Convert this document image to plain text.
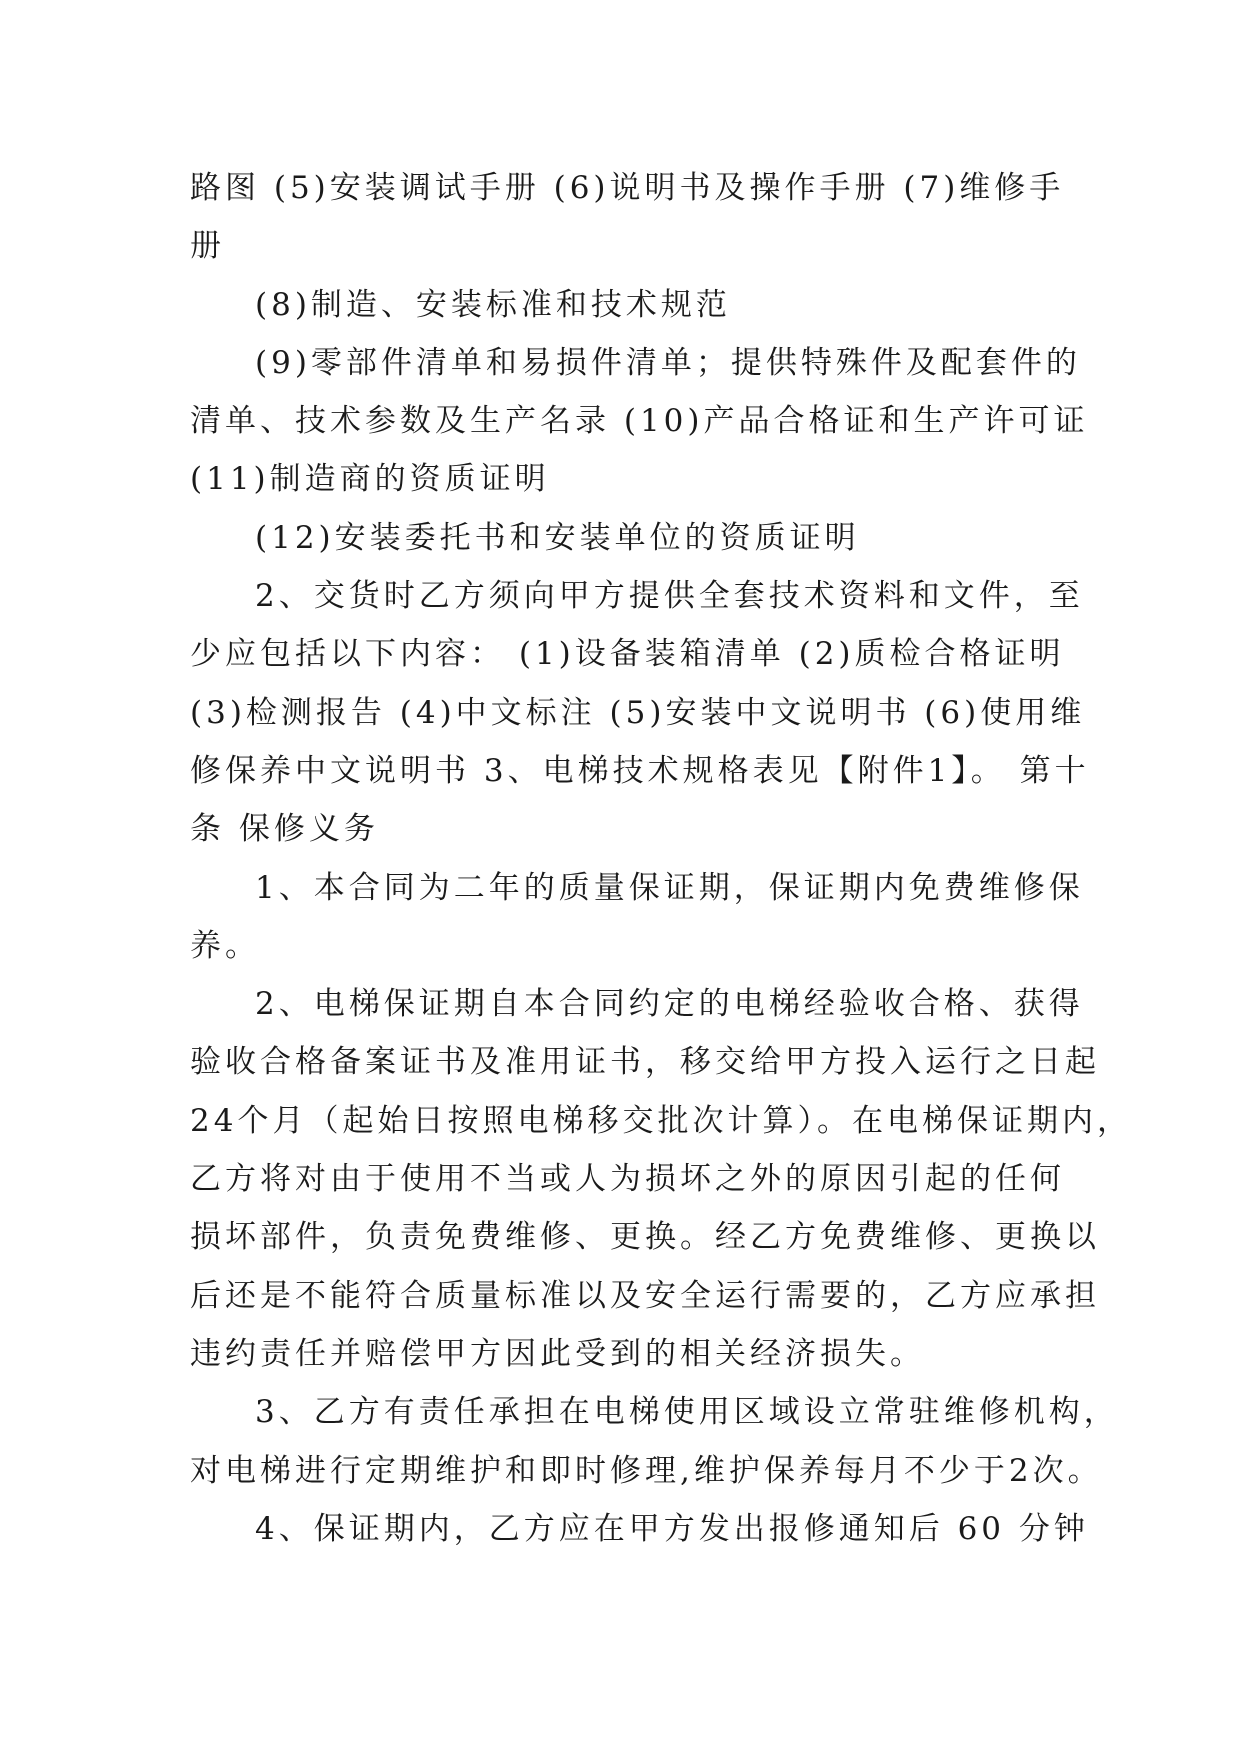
路图 (5)安装调试手册 (6)说明书及操作手册 (7)维修手
册
(8)制造、安装标准和技术规范
(9)零部件清单和易损件清单；提供特殊件及配套件的
清单、技术参数及生产名录 (10)产品合格证和生产许可证
(11)制造商的资质证明
(12)安装委托书和安装单位的资质证明
2、交货时乙方须向甲方提供全套技术资料和文件，至
少应包括以下内容： (1)设备装箱清单 (2)质检合格证明
(3)检测报告 (4)中文标注 (5)安装中文说明书 (6)使用维
修保养中文说明书 3、电梯技术规格表见【附件1】。 第十
条 保修义务
1、本合同为二年的质量保证期，保证期内免费维修保
养。
2、电梯保证期自本合同约定的电梯经验收合格、获得
验收合格备案证书及准用证书，移交给甲方投入运行之日起
24个月（起始日按照电梯移交批次计算）。在电梯保证期内，
乙方将对由于使用不当或人为损坏之外的原因引起的任何
损坏部件，负责免费维修、更换。经乙方免费维修、更换以
后还是不能符合质量标准以及安全运行需要的，乙方应承担
违约责任并赔偿甲方因此受到的相关经济损失。
3、乙方有责任承担在电梯使用区域设立常驻维修机构，
对电梯进行定期维护和即时修理,维护保养每月不少于2次。
4、保证期内，乙方应在甲方发出报修通知后 60 分钟
